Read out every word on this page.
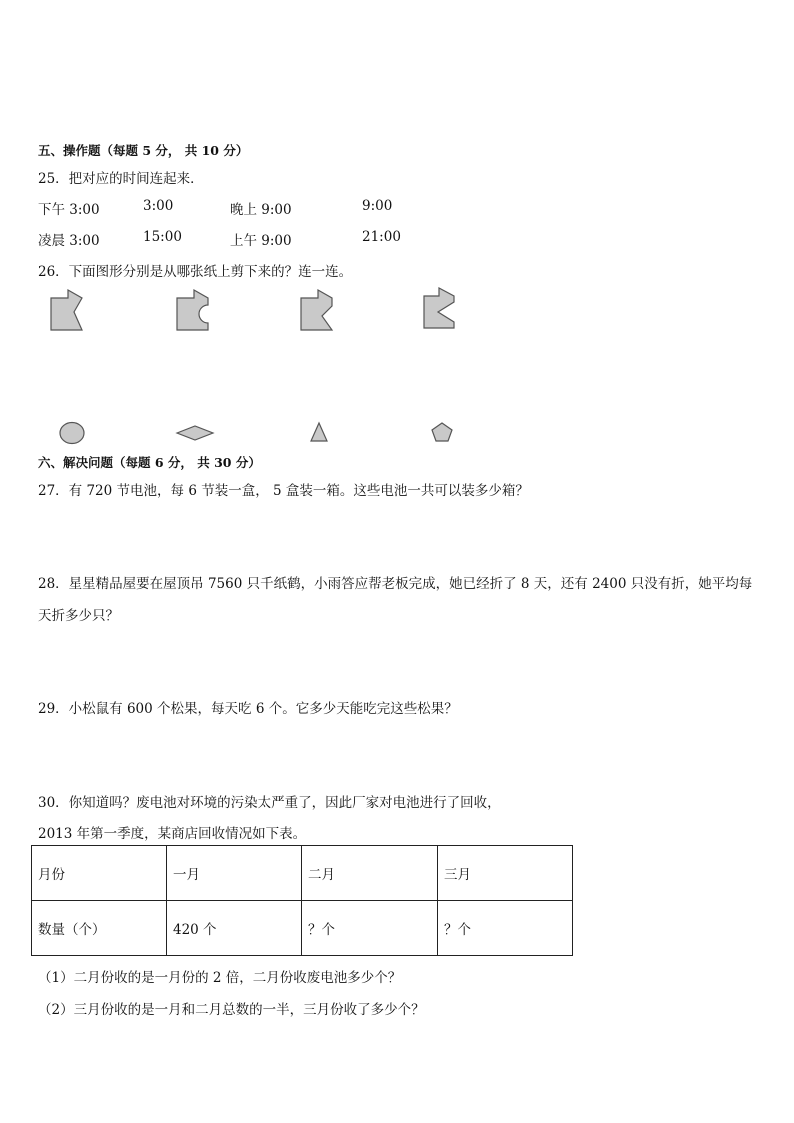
五、操作题（每题 5 分， 共 10 分）
25．把对应的时间连起来．
下午 3:00	3:00	晚上 9:00	9:00
凌晨 3:00	15:00	上午 9:00	21:00
26．下面图形分别是从哪张纸上剪下来的？连一连。
六、解决问题（每题 6 分， 共 30 分）
27．有 720 节电池，每 6 节装一盒， 5 盒装一箱。这些电池一共可以装多少箱？
28．星星精品屋要在屋顶吊 7560 只千纸鹤，小雨答应帮老板完成，她已经折了 8 天，还有 2400 只没有折，她平均每
天折多少只？
29．小松鼠有 600 个松果，每天吃 6 个。它多少天能吃完这些松果？
30．你知道吗？废电池对环境的污染太严重了，因此厂家对电池进行了回收，
2013 年第一季度，某商店回收情况如下表。
月份	一月	二月	三月
数量（个）	420 个	？个	？个
（1）二月份收的是一月份的 2 倍，二月份收废电池多少个？
（2）三月份收的是一月和二月总数的一半，三月份收了多少个？
